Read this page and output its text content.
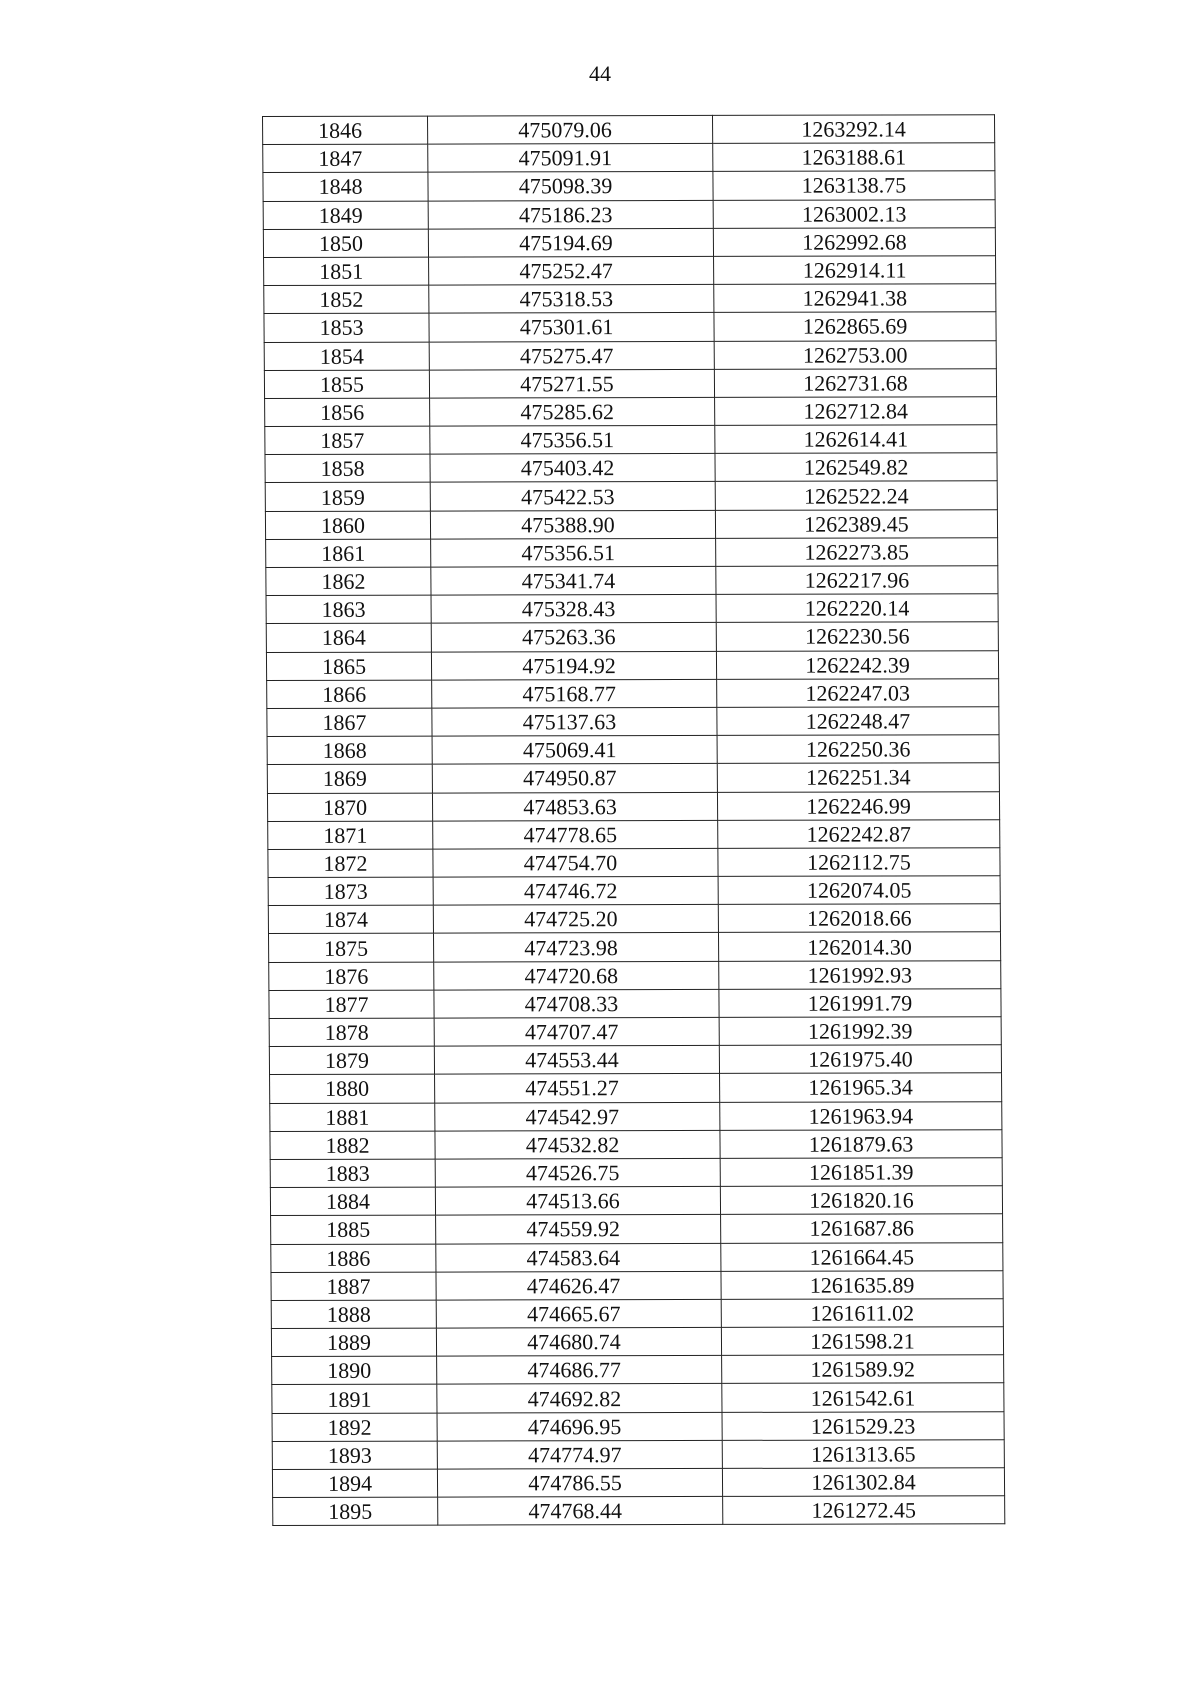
44
1846	475079.06	1263292.14
1847	475091.91	1263188.61
1848	475098.39	1263138.75
1849	475186.23	1263002.13
1850	475194.69	1262992.68
1851	475252.47	1262914.11
1852	475318.53	1262941.38
1853	475301.61	1262865.69
1854	475275.47	1262753.00
1855	475271.55	1262731.68
1856	475285.62	1262712.84
1857	475356.51	1262614.41
1858	475403.42	1262549.82
1859	475422.53	1262522.24
1860	475388.90	1262389.45
1861	475356.51	1262273.85
1862	475341.74	1262217.96
1863	475328.43	1262220.14
1864	475263.36	1262230.56
1865	475194.92	1262242.39
1866	475168.77	1262247.03
1867	475137.63	1262248.47
1868	475069.41	1262250.36
1869	474950.87	1262251.34
1870	474853.63	1262246.99
1871	474778.65	1262242.87
1872	474754.70	1262112.75
1873	474746.72	1262074.05
1874	474725.20	1262018.66
1875	474723.98	1262014.30
1876	474720.68	1261992.93
1877	474708.33	1261991.79
1878	474707.47	1261992.39
1879	474553.44	1261975.40
1880	474551.27	1261965.34
1881	474542.97	1261963.94
1882	474532.82	1261879.63
1883	474526.75	1261851.39
1884	474513.66	1261820.16
1885	474559.92	1261687.86
1886	474583.64	1261664.45
1887	474626.47	1261635.89
1888	474665.67	1261611.02
1889	474680.74	1261598.21
1890	474686.77	1261589.92
1891	474692.82	1261542.61
1892	474696.95	1261529.23
1893	474774.97	1261313.65
1894	474786.55	1261302.84
1895	474768.44	1261272.45
